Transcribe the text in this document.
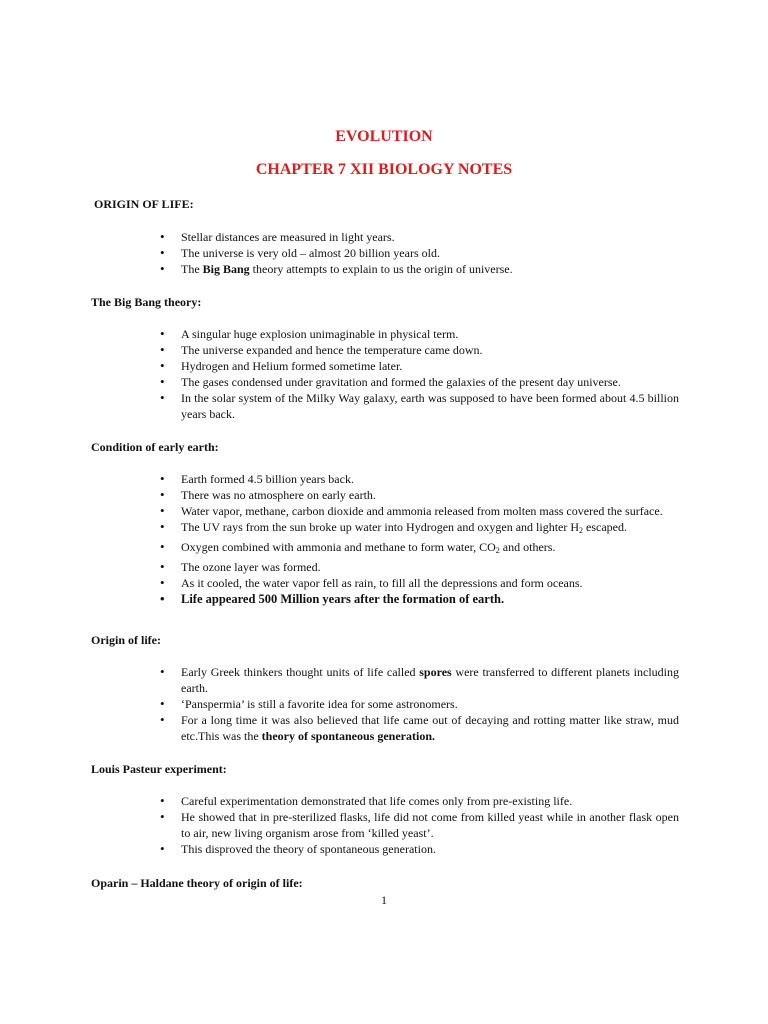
EVOLUTION
CHAPTER 7 XII BIOLOGY NOTES
ORIGIN OF LIFE:
• Stellar distances are measured in light years.
• The universe is very old – almost 20 billion years old.
• The Big Bang theory attempts to explain to us the origin of universe.
The Big Bang theory:
• A singular huge explosion unimaginable in physical term.
• The universe expanded and hence the temperature came down.
• Hydrogen and Helium formed sometime later.
• The gases condensed under gravitation and formed the galaxies of the present day universe.
• In the solar system of the Milky Way galaxy, earth was supposed to have been formed about 4.5 billion years back.
Condition of early earth:
• Earth formed 4.5 billion years back.
• There was no atmosphere on early earth.
• Water vapor, methane, carbon dioxide and ammonia released from molten mass covered the surface.
• The UV rays from the sun broke up water into Hydrogen and oxygen and lighter $H_2$ escaped.
• Oxygen combined with ammonia and methane to form water, $CO_2$ and others.
• The ozone layer was formed.
• As it cooled, the water vapor fell as rain, to fill all the depressions and form oceans.
• Life appeared 500 Million years after the formation of earth.
Origin of life:
• Early Greek thinkers thought units of life called spores were transferred to different planets including earth.
• ‘Panspermia’ is still a favorite idea for some astronomers.
• For a long time it was also believed that life came out of decaying and rotting matter like straw, mud etc.This was the theory of spontaneous generation.
Louis Pasteur experiment:
• Careful experimentation demonstrated that life comes only from pre-existing life.
• He showed that in pre-sterilized flasks, life did not come from killed yeast while in another flask open to air, new living organism arose from ‘killed yeast’.
• This disproved the theory of spontaneous generation.
Oparin – Haldane theory of origin of life:
1
